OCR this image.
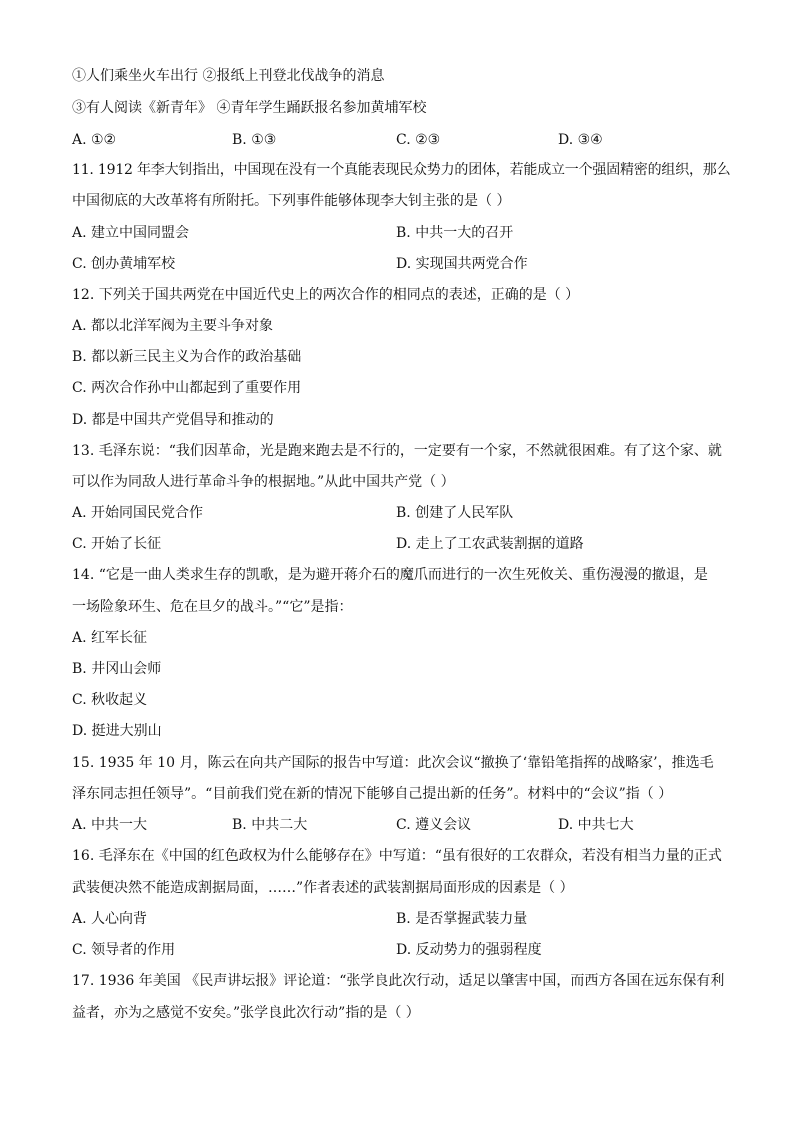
①人们乘坐火车出行 ②报纸上刊登北伐战争的消息
③有人阅读《新青年》 ④青年学生踊跃报名参加黄埔军校
A. ①②	B. ①③	C. ②③	D. ③④
11. 1912 年李大钊指出，中国现在没有一个真能表现民众势力的团体，若能成立一个强固精密的组织，那么
中国彻底的大改革将有所附托。下列事件能够体现李大钊主张的是（ ）
A. 建立中国同盟会	B. 中共一大的召开
C. 创办黄埔军校	D. 实现国共两党合作
12. 下列关于国共两党在中国近代史上的两次合作的相同点的表述，正确的是（ ）
A. 都以北洋军阀为主要斗争对象
B. 都以新三民主义为合作的政治基础
C. 两次合作孙中山都起到了重要作用
D. 都是中国共产党倡导和推动的
13. 毛泽东说：“我们因革命，光是跑来跑去是不行的，一定要有一个家，不然就很困难。有了这个家、就
可以作为同敌人进行革命斗争的根据地。”从此中国共产党（ ）
A. 开始同国民党合作	B. 创建了人民军队
C. 开始了长征	D. 走上了工农武装割据的道路
14. “它是一曲人类求生存的凯歌，是为避开蒋介石的魔爪而进行的一次生死攸关、重伤漫漫的撤退，是
一场险象环生、危在旦夕的战斗。”“它”是指：
A. 红军长征
B. 井冈山会师
C. 秋收起义
D. 挺进大别山
15. 1935 年 10 月，陈云在向共产国际的报告中写道：此次会议“撤换了‘靠铅笔指挥的战略家’，推选毛
泽东同志担任领导”。“目前我们党在新的情况下能够自己提出新的任务”。材料中的“会议”指（ ）
A. 中共一大	B. 中共二大	C. 遵义会议	D. 中共七大
16. 毛泽东在《中国的红色政权为什么能够存在》中写道：“虽有很好的工农群众，若没有相当力量的正式
武装便决然不能造成割据局面，……”作者表述的武装割据局面形成的因素是（ ）
A. 人心向背	B. 是否掌握武装力量
C. 领导者的作用	D. 反动势力的强弱程度
17. 1936 年美国 《民声讲坛报》评论道：“张学良此次行动，适足以肇害中国，而西方各国在远东保有利
益者，亦为之感觉不安矣。”张学良此次行动”指的是（ ）
